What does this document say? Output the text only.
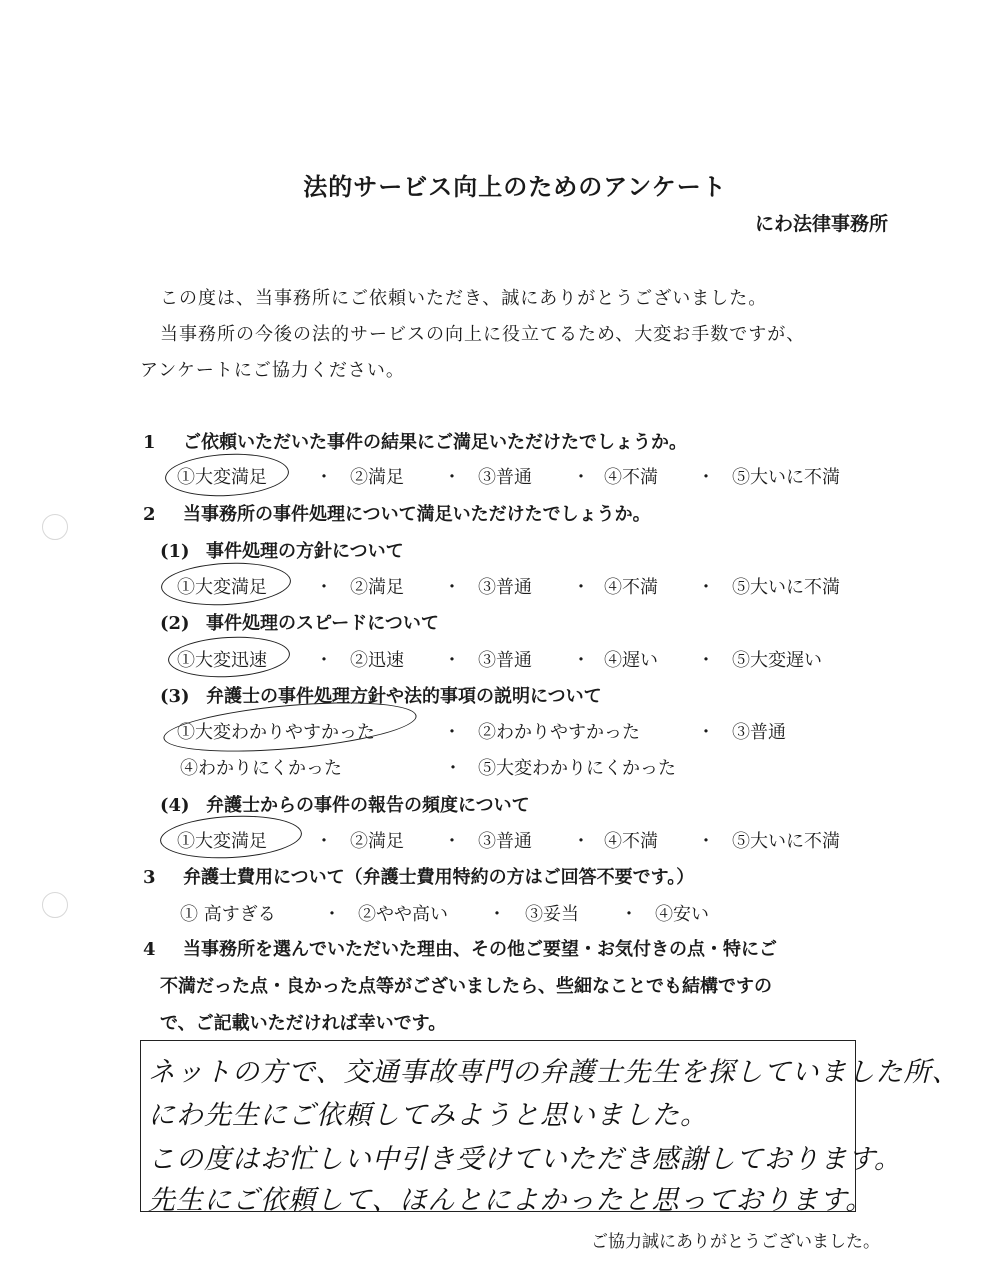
法的サービス向上のためのアンケート
にわ法律事務所
この度は、当事務所にご依頼いただき、誠にありがとうございました。
当事務所の今後の法的サービスの向上に役立てるため、大変お手数ですが、
アンケートにご協力ください。
1 ご依頼いただいた事件の結果にご満足いただけたでしょうか。
①大変満足	・ ②満足 ・ ③普通 ・ ④不満 ・ ⑤大いに不満
2 当事務所の事件処理について満足いただけたでしょうか。
(1) 事件処理の方針について
①大変満足	・ ②満足 ・ ③普通 ・ ④不満 ・ ⑤大いに不満
(2) 事件処理のスピードについて
①大変迅速	・ ②迅速 ・ ③普通 ・ ④遅い ・ ⑤大変遅い
(3) 弁護士の事件処理方針や法的事項の説明について
①大変わかりやすかった	・ ②わかりやすかった	・ ③普通
④わかりにくかった	・ ⑤大変わかりにくかった
(4) 弁護士からの事件の報告の頻度について
①大変満足	・ ②満足 ・ ③普通 ・ ④不満 ・ ⑤大いに不満
3 弁護士費用について（弁護士費用特約の方はご回答不要です。）
① 高すぎる	・ ②やや高い ・ ③妥当 ・ ④安い
4 当事務所を選んでいただいた理由、その他ご要望・お気付きの点・特にご
不満だった点・良かった点等がございましたら、些細なことでも結構ですの
で、ご記載いただければ幸いです。
ネットの方で、交通事故専門の弁護士先生を探していました所、
にわ先生にご依頼してみようと思いました。
この度はお忙しい中引き受けていただき感謝しております。
先生にご依頼して、ほんとによかったと思っております。
ご協力誠にありがとうございました。
